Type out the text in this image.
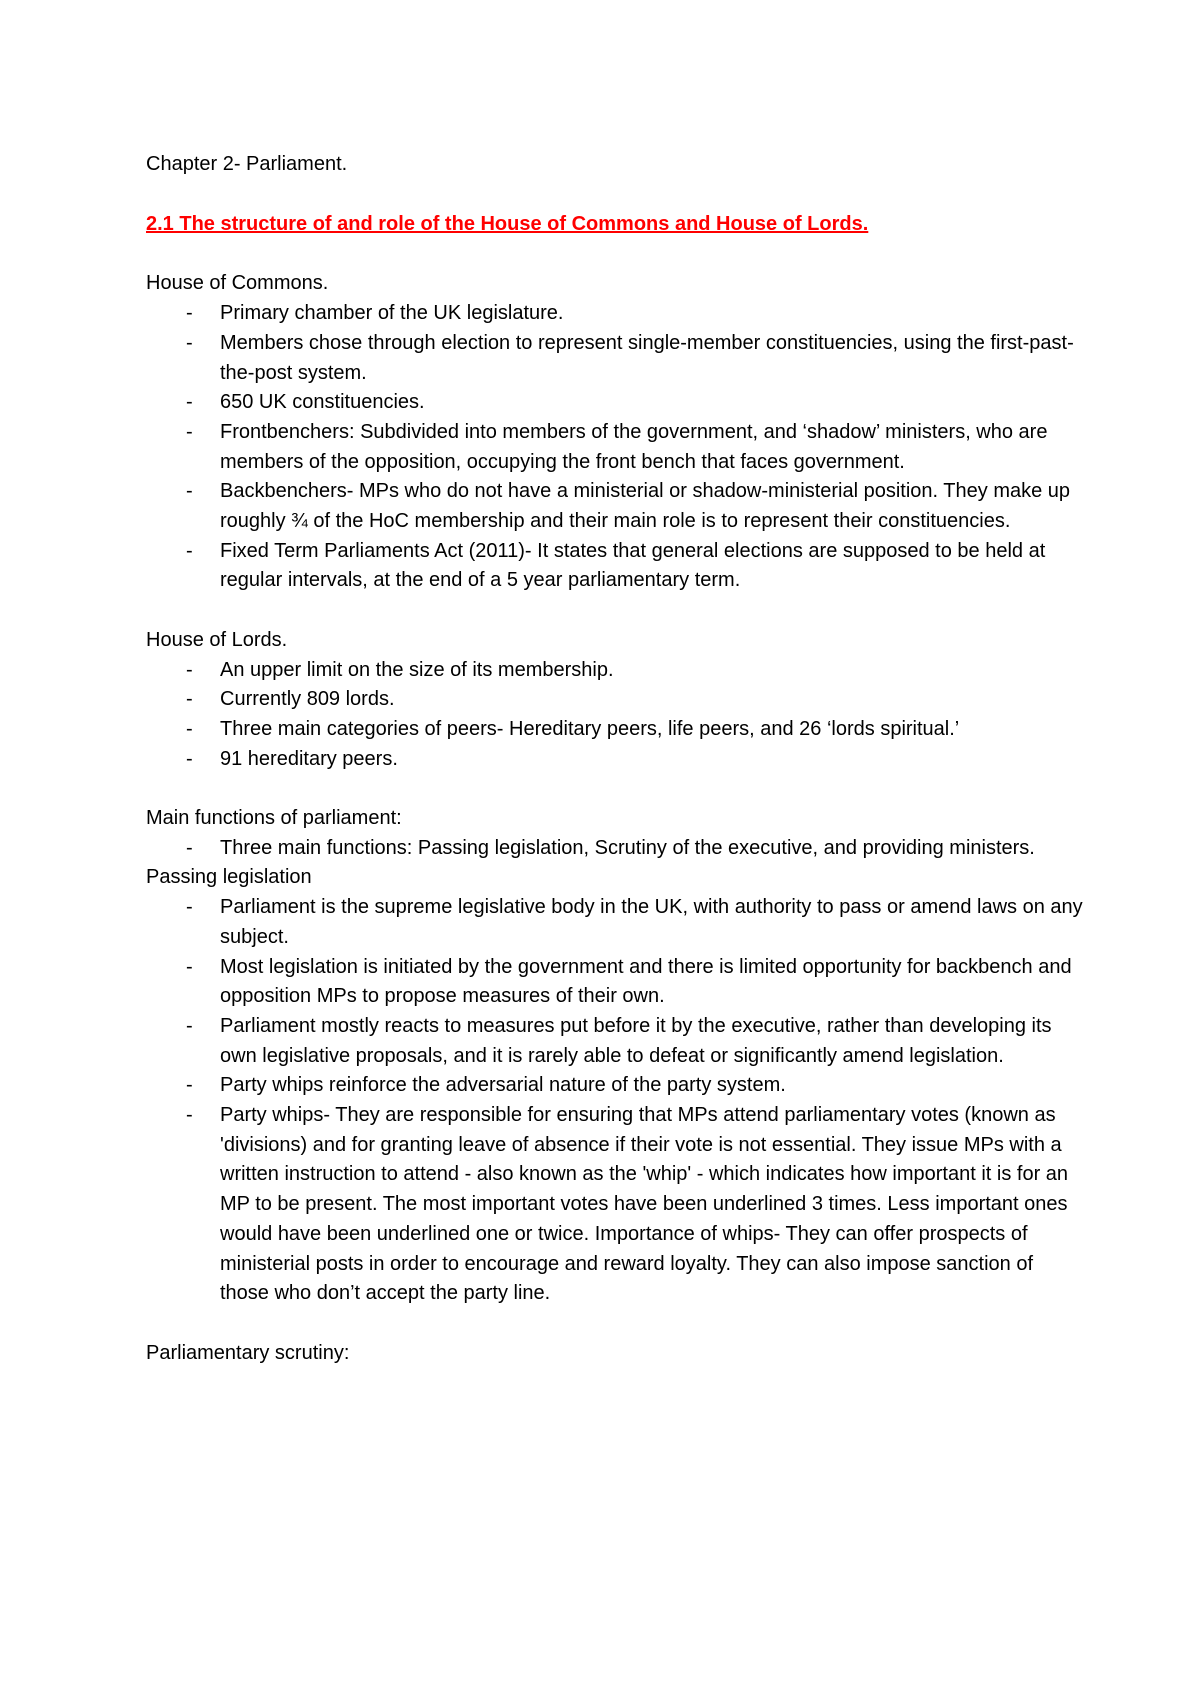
Chapter 2- Parliament.

2.1 The structure of and role of the House of Commons and House of Lords.

House of Commons.

- Primary chamber of the UK legislature.
- Members chose through election to represent single-member constituencies, using the first-past-the-post system.
- 650 UK constituencies.
- Frontbenchers: Subdivided into members of the government, and ‘shadow’ ministers, who are members of the opposition, occupying the front bench that faces government.
- Backbenchers- MPs who do not have a ministerial or shadow-ministerial position. They make up roughly ¾ of the HoC membership and their main role is to represent their constituencies.
- Fixed Term Parliaments Act (2011)- It states that general elections are supposed to be held at regular intervals, at the end of a 5 year parliamentary term.

House of Lords.

- An upper limit on the size of its membership.
- Currently 809 lords.
- Three main categories of peers- Hereditary peers, life peers, and 26 ‘lords spiritual.’
- 91 hereditary peers.

Main functions of parliament:

- Three main functions: Passing legislation, Scrutiny of the executive, and providing ministers.

Passing legislation

- Parliament is the supreme legislative body in the UK, with authority to pass or amend laws on any subject.
- Most legislation is initiated by the government and there is limited opportunity for backbench and opposition MPs to propose measures of their own.
- Parliament mostly reacts to measures put before it by the executive, rather than developing its own legislative proposals, and it is rarely able to defeat or significantly amend legislation.
- Party whips reinforce the adversarial nature of the party system.
- Party whips- They are responsible for ensuring that MPs attend parliamentary votes (known as 'divisions) and for granting leave of absence if their vote is not essential. They issue MPs with a written instruction to attend - also known as the 'whip' - which indicates how important it is for an MP to be present. The most important votes have been underlined 3 times. Less important ones would have been underlined one or twice. Importance of whips- They can offer prospects of ministerial posts in order to encourage and reward loyalty. They can also impose sanction of those who don’t accept the party line.

Parliamentary scrutiny:
